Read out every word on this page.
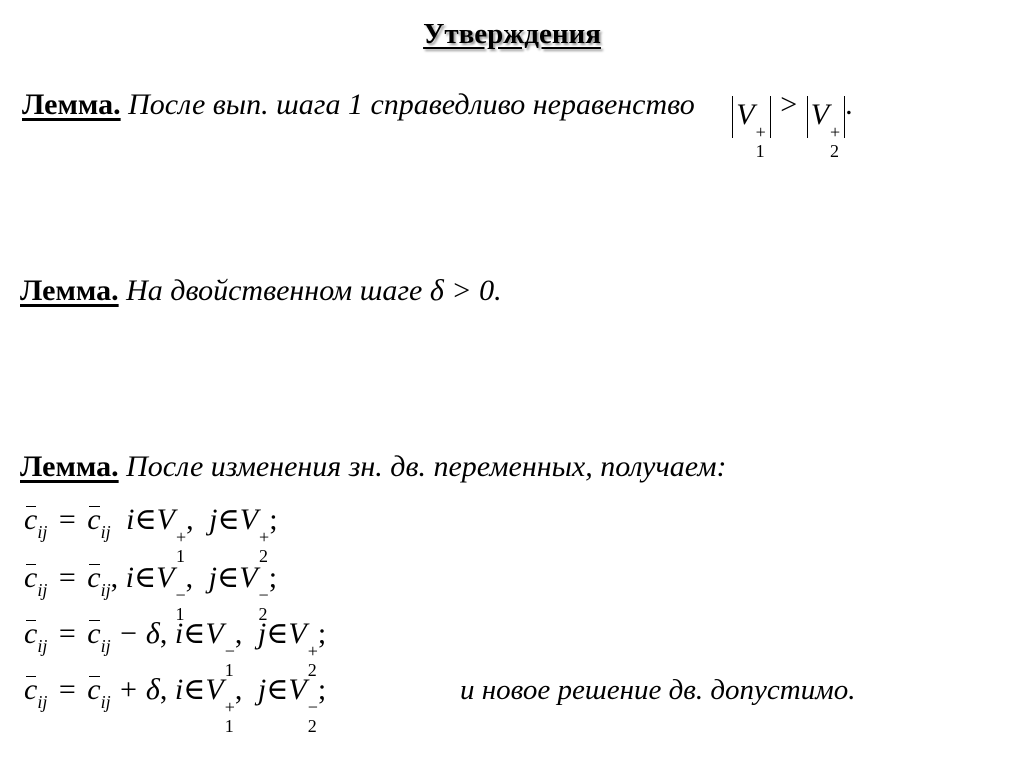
Утверждения
Лемма. После вып. шага 1 справедливо неравенство V
+
1
> V
+
2
.
Лемма. На двойственном шаге δ > 0.
Лемма. После изменения зн. дв. переменных, получаем:
$c_{ij} = c_{ij}$ i∈V
+
1
, j∈V
+
2
;
$c_{ij} = c_{ij}$, i∈V
−
1
, j∈V
−
2
;
$c_{ij} = c_{ij} - \delta$, i∈V
−
1
, j∈V
+
2
;
$c_{ij} = c_{ij} + \delta$, i∈V
+
1
, j∈V
−
2
;	и новое решение дв. допустимо.
